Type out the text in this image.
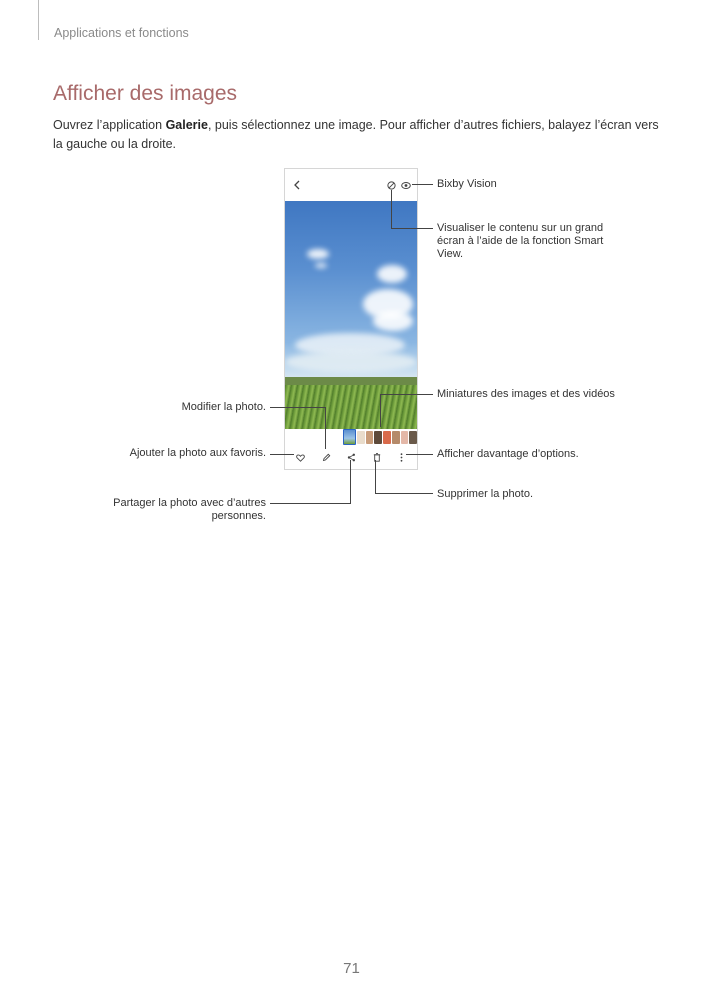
Applications et fonctions
Afficher des images

Ouvrez l’application Galerie, puis sélectionnez une image. Pour afficher d’autres fichiers, balayez l’écran vers la gauche ou la droite.

Bixby Vision

Visualiser le contenu sur un grand écran à l’aide de la fonction Smart View.

Miniatures des images et des vidéos

Modifier la photo.

Ajouter la photo aux favoris.	Afficher davantage d’options.

Partager la photo avec d’autres personnes.

Supprimer la photo.

71
